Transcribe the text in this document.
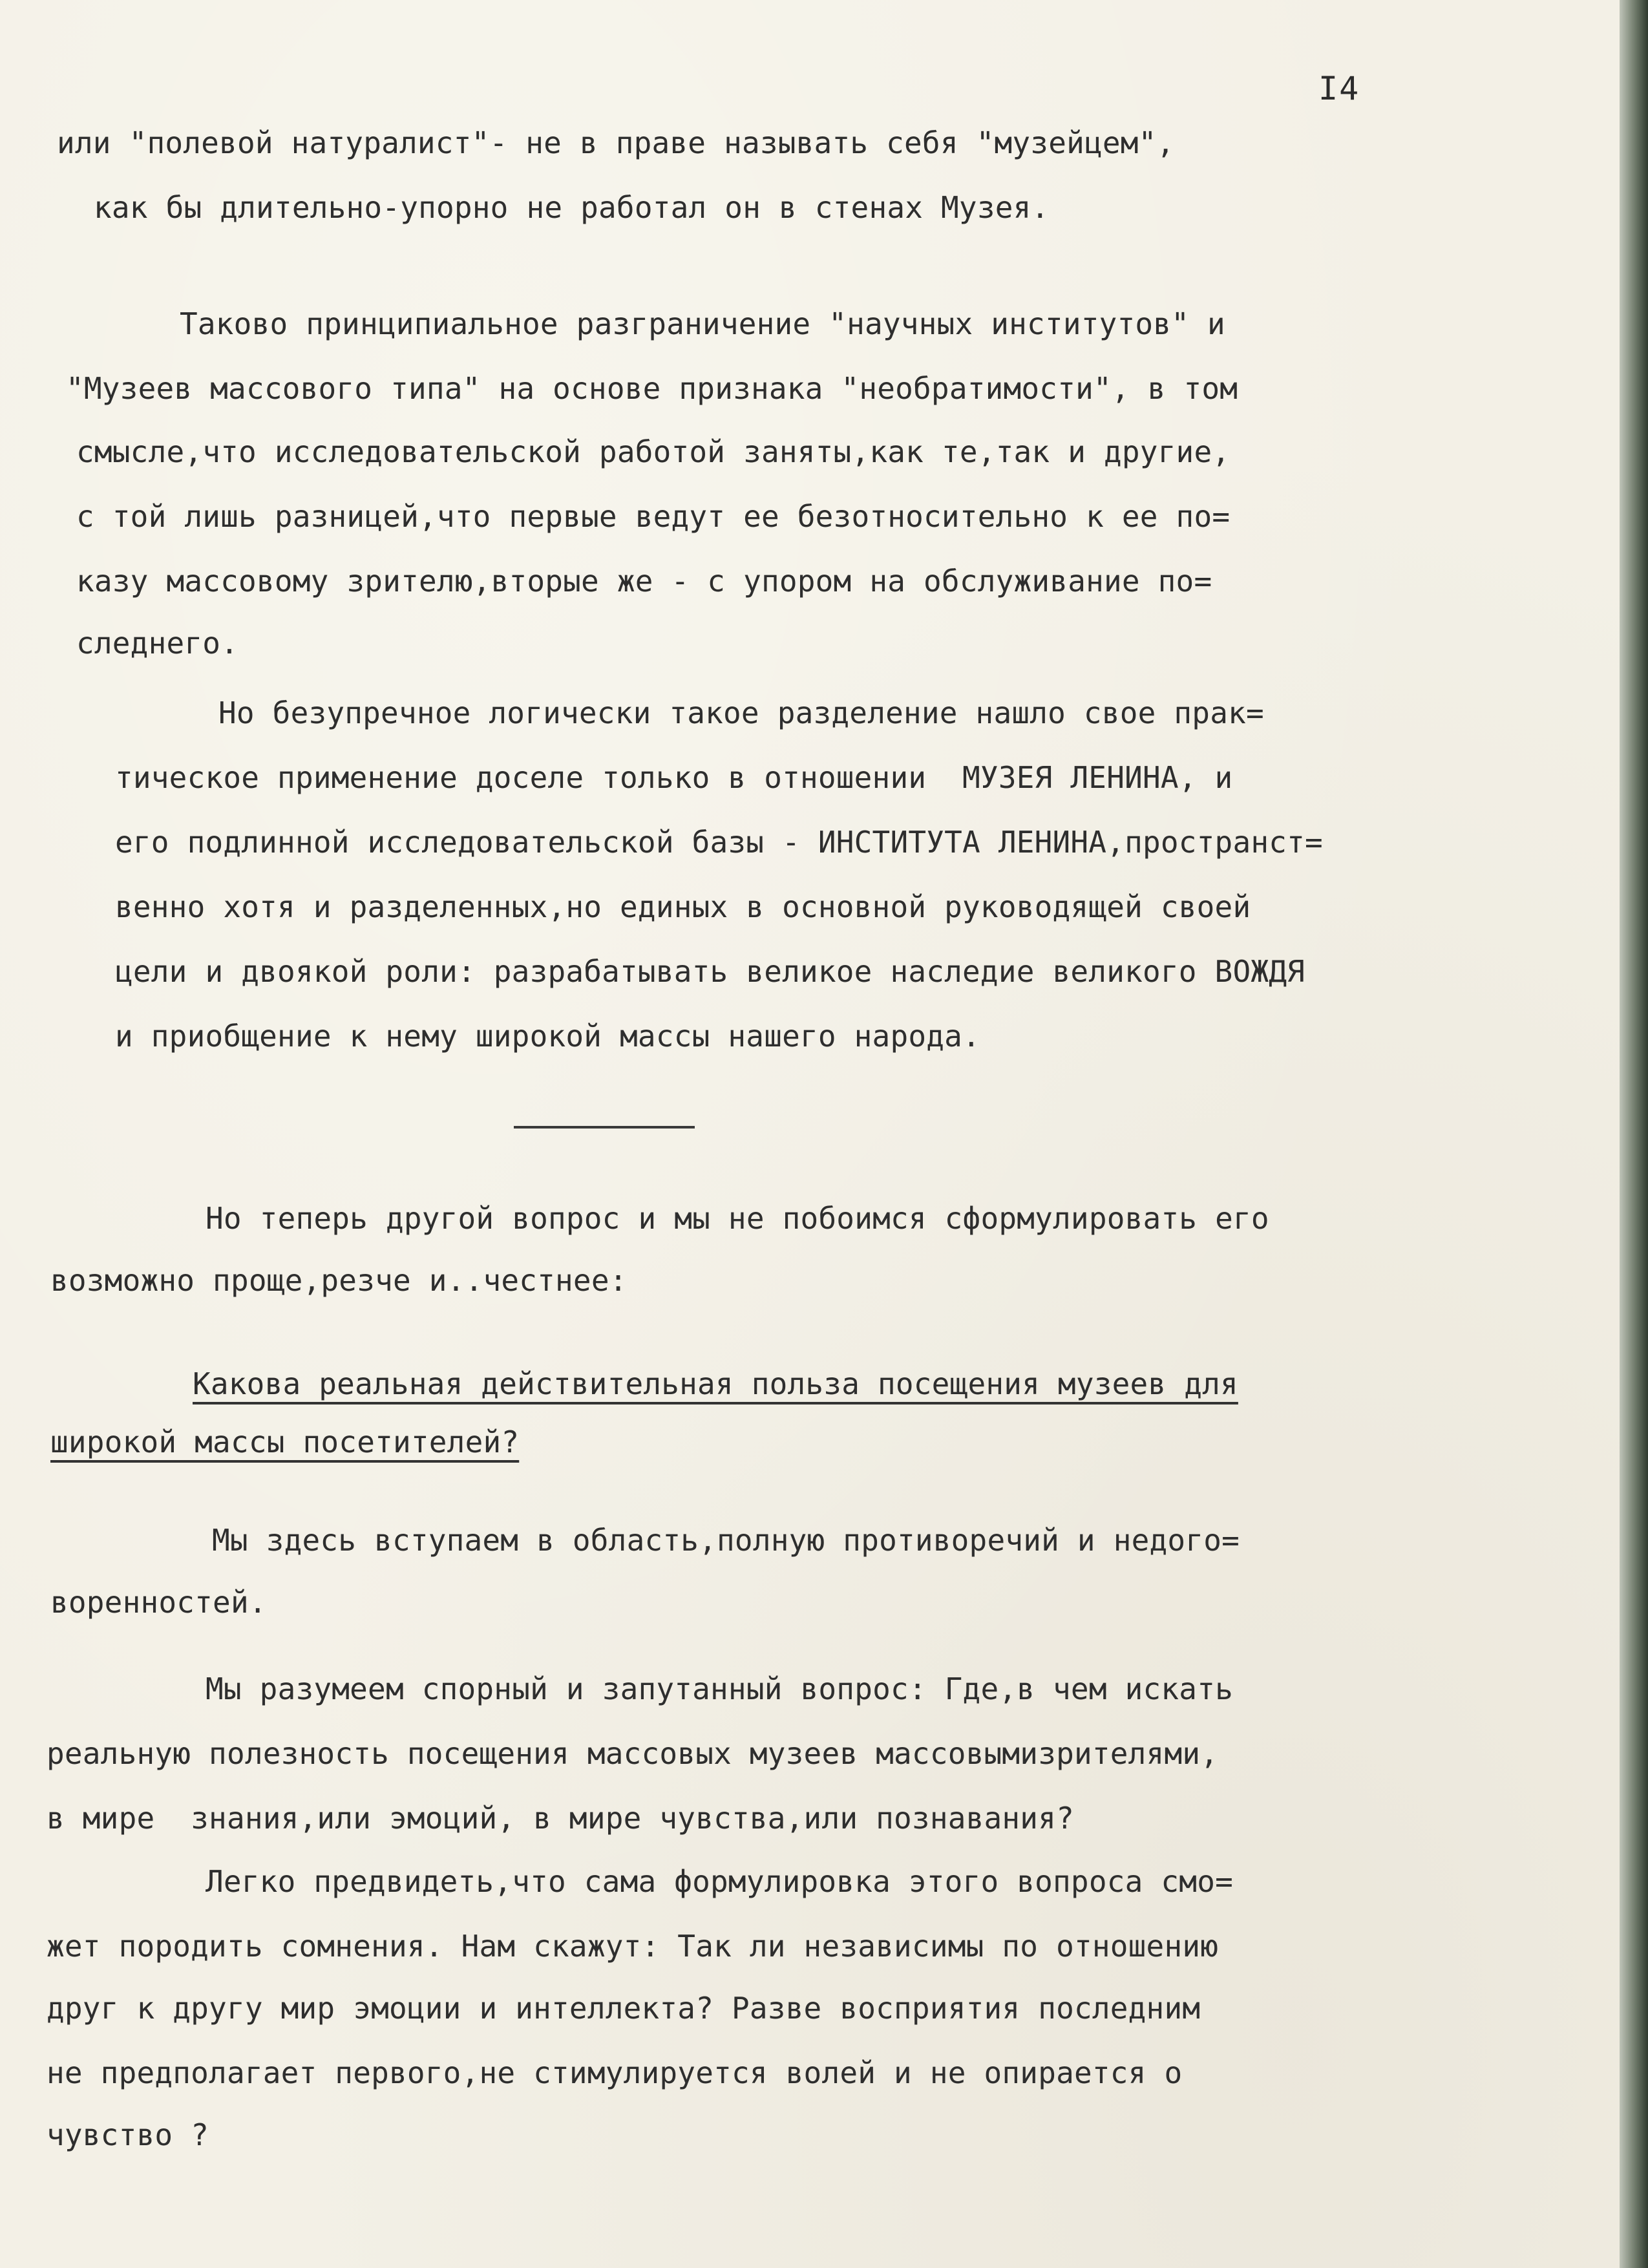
I4
или "полевой натуралист"- не в праве называть себя "музейцем",
как бы длительно-упорно не работал он в стенах Музея.
Таково принципиальное разграничение "научных институтов" и
"Музеев массового типа" на основе признака "необратимости", в том
смысле,что исследовательской работой заняты,как те,так и другие,
с той лишь разницей,что первые ведут ее безотносительно к ее по=
казу массовому зрителю,вторые же - с упором на обслуживание по=
следнего.
Но безупречное логически такое разделение нашло свое прак=
тическое применение доселе только в отношении  МУЗЕЯ ЛЕНИНА, и
его подлинной исследовательской базы - ИНСТИТУТА ЛЕНИНА,пространст=
венно хотя и разделенных,но единых в основной руководящей своей
цели и двоякой роли: разрабатывать великое наследие великого ВОЖДЯ
и приобщение к нему широкой массы нашего народа.
Но теперь другой вопрос и мы не побоимся сформулировать его
возможно проще,резче и..честнее:
Какова реальная действительная польза посещения музеев для
широкой массы посетителей?
Мы здесь вступаем в область,полную противоречий и недогo=
воренностей.
Мы разумеем спорный и запутанный вопрос: Где,в чем искать
реальную полезность посещения массовых музеев массовымизрителями,
в мире  знания,или эмоций, в мире чувства,или познавания?
Легко предвидеть,что сама формулировка этого вопроса смо=
жет породить сомнения. Нам скажут: Так ли независимы по отношению
друг к другу мир эмоции и интеллекта? Разве восприятия последним
не предполагает первого,не стимулируется волей и не опирается о
чувство ?
